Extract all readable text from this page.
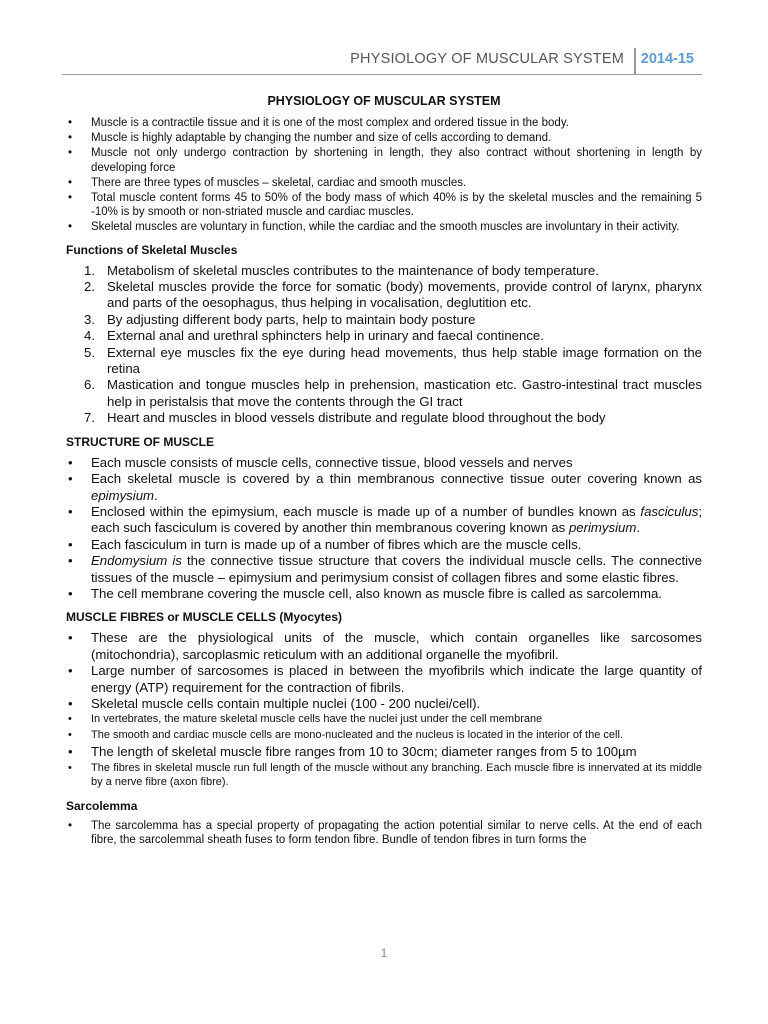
PHYSIOLOGY OF MUSCULAR SYSTEM 2014-15
PHYSIOLOGY OF MUSCULAR SYSTEM
• Muscle is a contractile tissue and it is one of the most complex and ordered tissue in the body.
• Muscle is highly adaptable by changing the number and size of cells according to demand.
• Muscle not only undergo contraction by shortening in length, they also contract without shortening in length by developing force
• There are three types of muscles – skeletal, cardiac and smooth muscles.
• Total muscle content forms 45 to 50% of the body mass of which 40% is by the skeletal muscles and the remaining 5 -10% is by smooth or non-striated muscle and cardiac muscles.
• Skeletal muscles are voluntary in function, while the cardiac and the smooth muscles are involuntary in their activity.
Functions of Skeletal Muscles
1. Metabolism of skeletal muscles contributes to the maintenance of body temperature.
2. Skeletal muscles provide the force for somatic (body) movements, provide control of larynx, pharynx and parts of the oesophagus, thus helping in vocalisation, deglutition etc.
3. By adjusting different body parts, help to maintain body posture
4. External anal and urethral sphincters help in urinary and faecal continence.
5. External eye muscles fix the eye during head movements, thus help stable image formation on the retina
6. Mastication and tongue muscles help in prehension, mastication etc. Gastro-intestinal tract muscles help in peristalsis that move the contents through the GI tract
7. Heart and muscles in blood vessels distribute and regulate blood throughout the body
STRUCTURE OF MUSCLE
• Each muscle consists of muscle cells, connective tissue, blood vessels and nerves
• Each skeletal muscle is covered by a thin membranous connective tissue outer covering known as epimysium.
• Enclosed within the epimysium, each muscle is made up of a number of bundles known as fasciculus; each such fasciculum is covered by another thin membranous covering known as perimysium.
• Each fasciculum in turn is made up of a number of fibres which are the muscle cells.
• Endomysium is the connective tissue structure that covers the individual muscle cells. The connective tissues of the muscle – epimysium and perimysium consist of collagen fibres and some elastic fibres.
• The cell membrane covering the muscle cell, also known as muscle fibre is called as sarcolemma.
MUSCLE FIBRES or MUSCLE CELLS (Myocytes)
• These are the physiological units of the muscle, which contain organelles like sarcosomes (mitochondria), sarcoplasmic reticulum with an additional organelle the myofibril.
• Large number of sarcosomes is placed in between the myofibrils which indicate the large quantity of energy (ATP) requirement for the contraction of fibrils.
• Skeletal muscle cells contain multiple nuclei (100 - 200 nuclei/cell).
• In vertebrates, the mature skeletal muscle cells have the nuclei just under the cell membrane
• The smooth and cardiac muscle cells are mono-nucleated and the nucleus is located in the interior of the cell.
• The length of skeletal muscle fibre ranges from 10 to 30cm; diameter ranges from 5 to 100µm
• The fibres in skeletal muscle run full length of the muscle without any branching. Each muscle fibre is innervated at its middle by a nerve fibre (axon fibre).
Sarcolemma
• The sarcolemma has a special property of propagating the action potential similar to nerve cells. At the end of each fibre, the sarcolemmal sheath fuses to form tendon fibre. Bundle of tendon fibres in turn forms the
1
